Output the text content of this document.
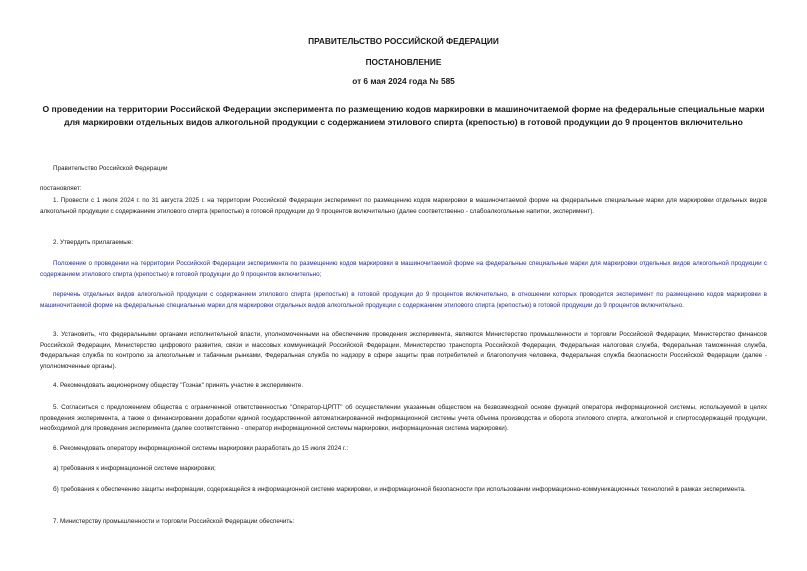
ПРАВИТЕЛЬСТВО РОССИЙСКОЙ ФЕДЕРАЦИИ
ПОСТАНОВЛЕНИЕ
от 6 мая 2024 года № 585
О проведении на территории Российской Федерации эксперимента по размещению кодов маркировки в машиночитаемой форме на федеральные специальные марки для маркировки отдельных видов алкогольной продукции с содержанием этилового спирта (крепостью) в готовой продукции до 9 процентов включительно
Правительство Российской Федерации
постановляет:
1. Провести с 1 июля 2024 г. по 31 августа 2025 г. на территории Российской Федерации эксперимент по размещению кодов маркировки в машиночитаемой форме на федеральные специальные марки для маркировки отдельных видов алкогольной продукции с содержанием этилового спирта (крепостью) в готовой продукции до 9 процентов включительно (далее соответственно - слабоалкогольные напитки, эксперимент).
2. Утвердить прилагаемые:
Положение о проведении на территории Российской Федерации эксперимента по размещению кодов маркировки в машиночитаемой форме на федеральные специальные марки для маркировки отдельных видов алкогольной продукции с содержанием этилового спирта (крепостью) в готовой продукции до 9 процентов включительно;
перечень отдельных видов алкогольной продукции с содержанием этилового спирта (крепостью) в готовой продукции до 9 процентов включительно, в отношении которых проводится эксперимент по размещению кодов маркировки в машиночитаемой форме на федеральные специальные марки для маркировки отдельных видов алкогольной продукции с содержанием этилового спирта (крепостью) в готовой продукции до 9 процентов включительно.
3. Установить, что федеральными органами исполнительной власти, уполномоченными на обеспечение проведения эксперимента, являются Министерство промышленности и торговли Российской Федерации, Министерство финансов Российской Федерации, Министерство цифрового развития, связи и массовых коммуникаций Российской Федерации, Министерство транспорта Российской Федерации, Федеральная налоговая служба, Федеральная таможенная служба, Федеральная служба по контролю за алкогольным и табачным рынками, Федеральная служба по надзору в сфере защиты прав потребителей и благополучия человека, Федеральная служба безопасности Российской Федерации (далее - уполномоченные органы).
4. Рекомендовать акционерному обществу "Гознак" принять участие в эксперименте.
5. Согласиться с предложением общества с ограниченной ответственностью "Оператор-ЦРПТ" об осуществлении указанным обществом на безвозмездной основе функций оператора информационной системы, используемой в целях проведения эксперимента, а также о финансировании доработки единой государственной автоматизированной информационной системы учета объема производства и оборота этилового спирта, алкогольной и спиртосодержащей продукции, необходимой для проведения эксперимента (далее соответственно - оператор информационной системы маркировки, информационная система маркировки).
6. Рекомендовать оператору информационной системы маркировки разработать до 15 июля 2024 г.:
а) требования к информационной системе маркировки;
б) требования к обеспечению защиты информации, содержащейся в информационной системе маркировки, и информационной безопасности при использовании информационно-коммуникационных технологий в рамках эксперимента.
7. Министерству промышленности и торговли Российской Федерации обеспечить:
